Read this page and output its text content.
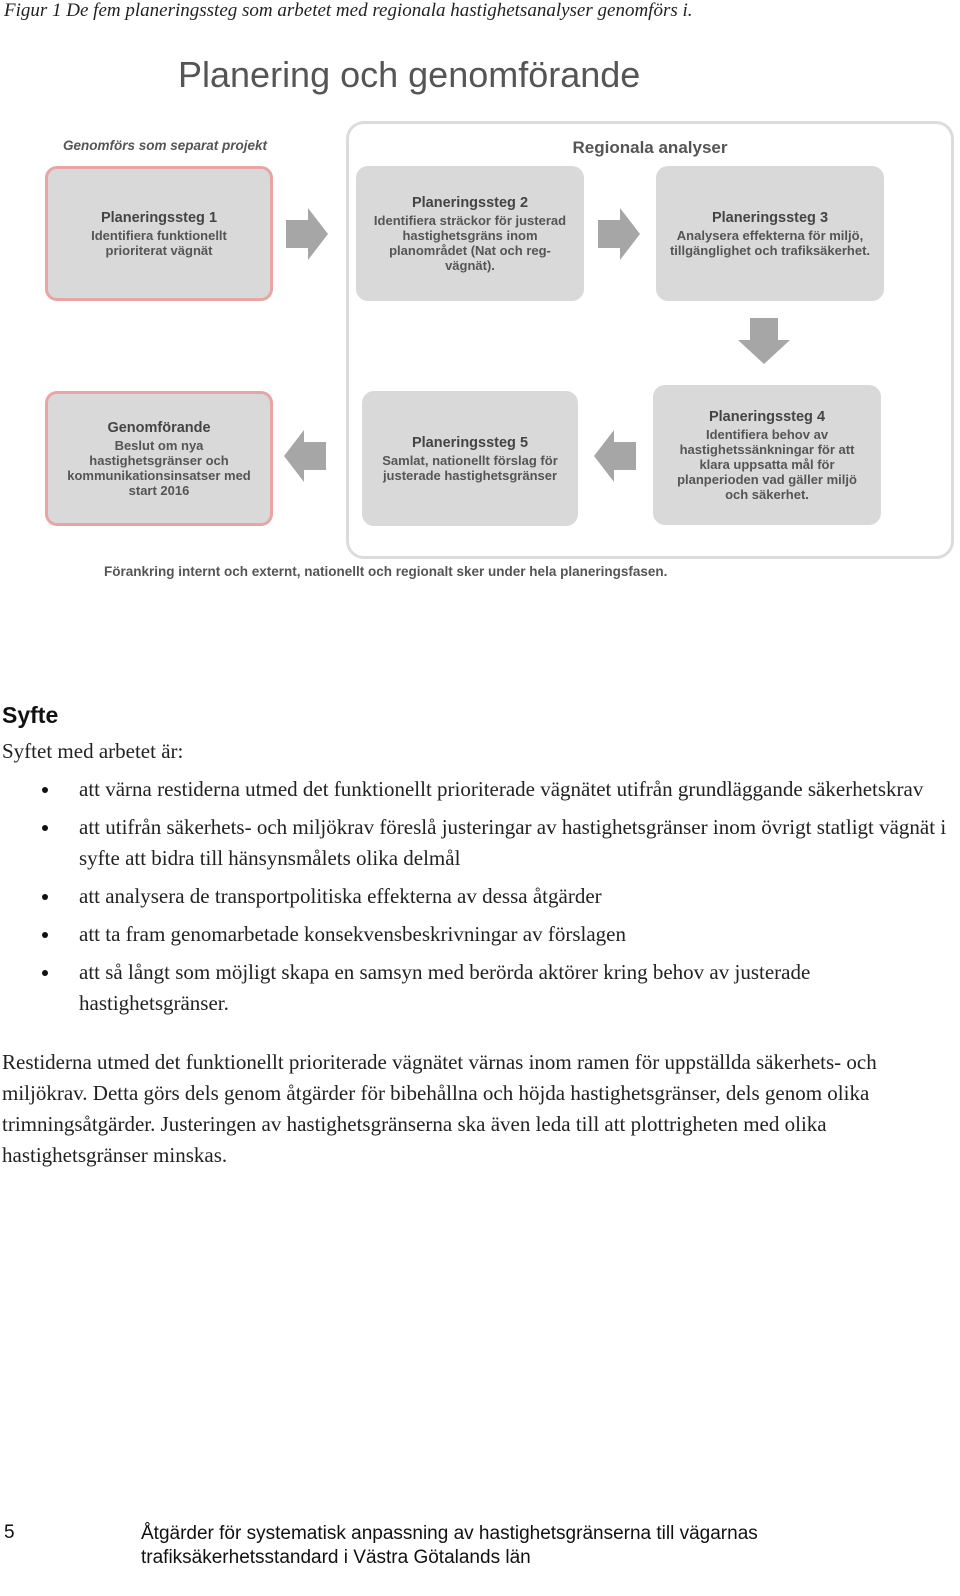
Figur 1 De fem planeringssteg som arbetet med regionala hastighetsanalyser genomförs i.
Planering och genomförande
Genomförs som separat projekt	Regionala analyser
Planeringssteg 1
Identifiera funktionellt prioriterat vägnät
Planeringssteg 2
Identifiera sträckor för justerad hastighetsgräns inom planområdet (Nat och reg-vägnät).
Planeringssteg 3
Analysera effekterna för miljö, tillgänglighet och trafiksäkerhet.
Genomförande
Beslut om nya hastighetsgränser och kommunikationsinsatser med start 2016
Planeringssteg 5
Samlat, nationellt förslag för justerade hastighetsgränser
Planeringssteg 4
Identifiera behov av hastighetssänkningar för att klara uppsatta mål för planperioden vad gäller miljö och säkerhet.
Förankring internt och externt, nationellt och regionalt sker under hela planeringsfasen.
Syfte
Syftet med arbetet är:
att värna restiderna utmed det funktionellt prioriterade vägnätet utifrån grundläggande säkerhetskrav
att utifrån säkerhets- och miljökrav föreslå justeringar av hastighetsgränser inom övrigt statligt vägnät i syfte att bidra till hänsynsmålets olika delmål
att analysera de transportpolitiska effekterna av dessa åtgärder
att ta fram genomarbetade konsekvensbeskrivningar av förslagen
att så långt som möjligt skapa en samsyn med berörda aktörer kring behov av justerade hastighetsgränser.
Restiderna utmed det funktionellt prioriterade vägnätet värnas inom ramen för uppställda säkerhets- och miljökrav. Detta görs dels genom åtgärder för bibehållna och höjda hastighetsgränser, dels genom olika trimningsåtgärder. Justeringen av hastighetsgränserna ska även leda till att plottrigheten med olika hastighetsgränser minskas.
5	Åtgärder för systematisk anpassning av hastighetsgränserna till vägarnas trafiksäkerhetsstandard i Västra Götalands län
